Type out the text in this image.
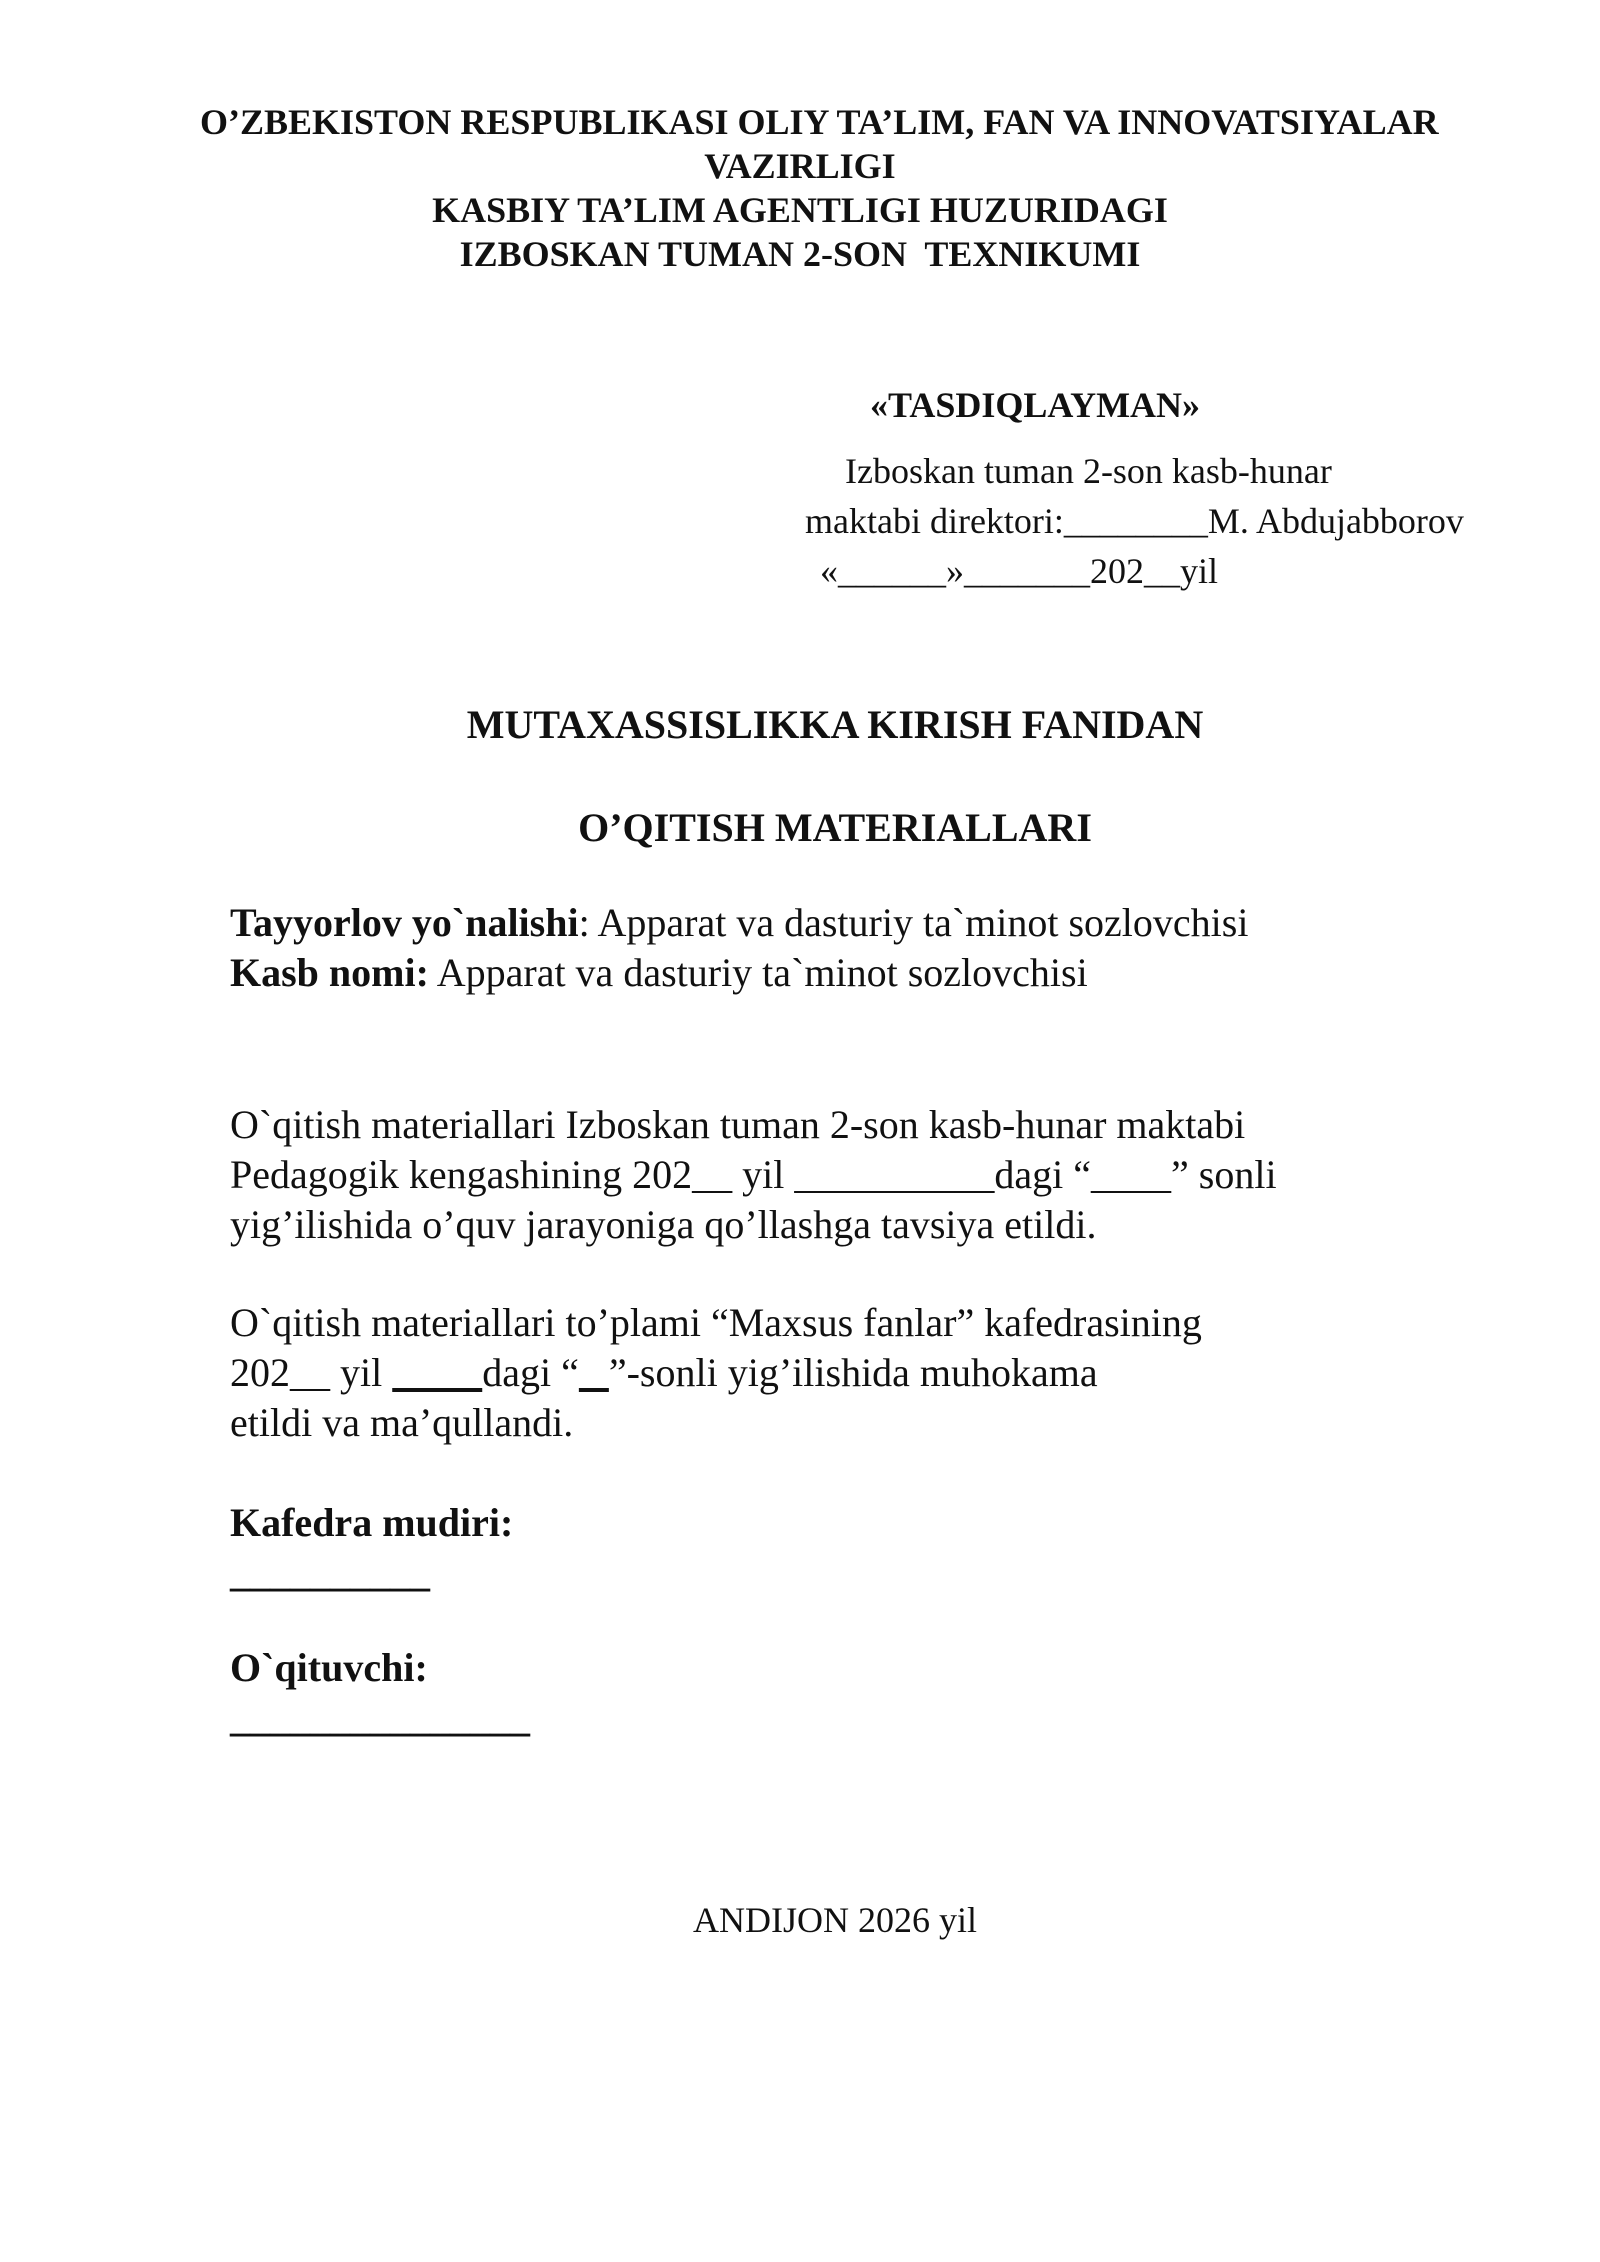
O’ZBEKISTON RESPUBLIKASI OLIY TA’LIM, FAN VA INNOVATSIYALAR
VAZIRLIGI
KASBIY TA’LIM AGENTLIGI HUZURIDAGI
IZBOSKAN TUMAN 2-SON  TEXNIKUMI
«TASDIQLAYMAN»
Izboskan tuman 2-son kasb-hunar
maktabi direktori:________M. Abdujabborov
«______»_______202__yil
MUTAXASSISLIKKA KIRISH FANIDAN
O’QITISH MATERIALLARI
Tayyorlov yo`nalishi: Apparat va dasturiy ta`minot sozlovchisi
Kasb nomi: Apparat va dasturiy ta`minot sozlovchisi
O`qitish materiallari Izboskan tuman 2-son kasb-hunar maktabi
Pedagogik kengashining 202__ yil __________dagi “____” sonli
yig’ilishida o’quv jarayoniga qo’llashga tavsiya etildi.
O`qitish materiallari to’plami “Maxsus fanlar” kafedrasining
202__ yil          dagi “ ”-sonli yig’ilishida muhokama
etildi va ma’qullandi.
Kafedra mudiri:
__________
O`qituvchi:
_______________
ANDIJON 2026 yil
